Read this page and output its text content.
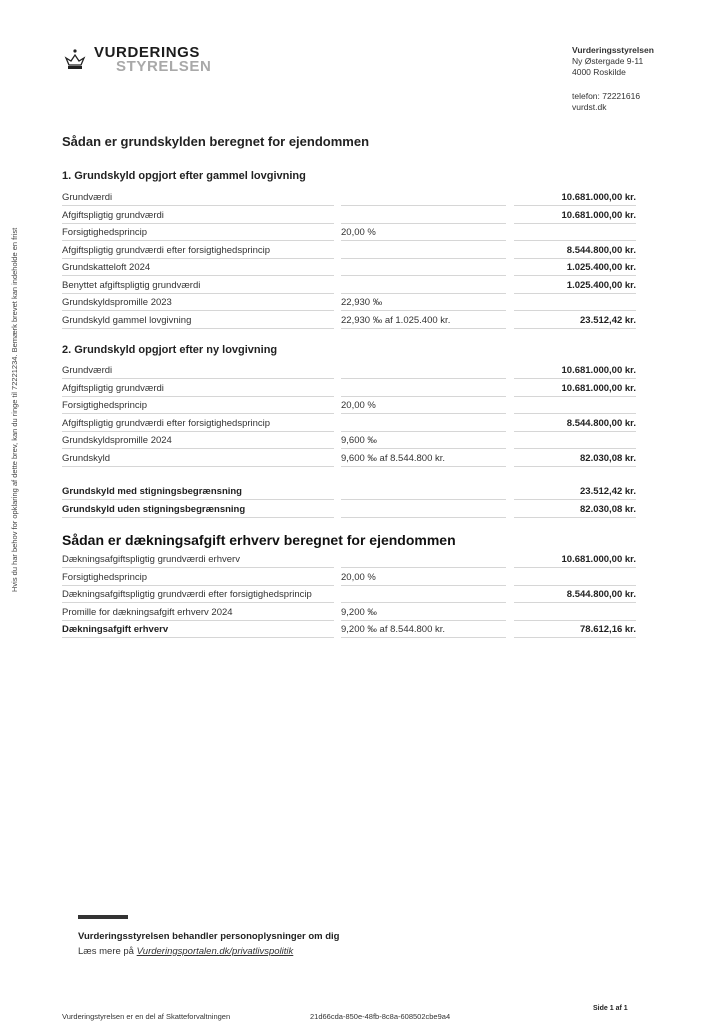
VURDERINGS
STYRELSEN
Vurderingsstyrelsen
Ny Østergade 9-11
4000 Roskilde
telefon: 72221616
vurdst.dk
Hvis du har behov for opklaring af dette brev, kan du ringe til 72221234. Bemærk brevet kan indeholde en frist
Sådan er grundskylden beregnet for ejendommen
1. Grundskyld opgjort efter gammel lovgivning
Grundværdi	10.681.000,00 kr.
Afgiftspligtig grundværdi	10.681.000,00 kr.
Forsigtighedsprincip	20,00 %
Afgiftspligtig grundværdi efter forsigtighedsprincip	8.544.800,00 kr.
Grundskatteloft 2024	1.025.400,00 kr.
Benyttet afgiftspligtig grundværdi	1.025.400,00 kr.
Grundskyldspromille 2023	22,930 ‰
Grundskyld gammel lovgivning	22,930 ‰ af 1.025.400 kr.	23.512,42 kr.
2. Grundskyld opgjort efter ny lovgivning
Grundværdi	10.681.000,00 kr.
Afgiftspligtig grundværdi	10.681.000,00 kr.
Forsigtighedsprincip	20,00 %
Afgiftspligtig grundværdi efter forsigtighedsprincip	8.544.800,00 kr.
Grundskyldspromille 2024	9,600 ‰
Grundskyld	9,600 ‰ af 8.544.800 kr.	82.030,08 kr.
Grundskyld med stigningsbegrænsning	23.512,42 kr.
Grundskyld uden stigningsbegrænsning	82.030,08 kr.
Sådan er dækningsafgift erhverv beregnet for ejendommen
Dækningsafgiftspligtig grundværdi erhverv	10.681.000,00 kr.
Forsigtighedsprincip	20,00 %
Dækningsafgiftspligtig grundværdi efter forsigtighedsprincip	8.544.800,00 kr.
Promille for dækningsafgift erhverv 2024	9,200 ‰
Dækningsafgift erhverv	9,200 ‰ af 8.544.800 kr.	78.612,16 kr.
Vurderingsstyrelsen behandler personoplysninger om dig
Læs mere på Vurderingsportalen.dk/privatlivspolitik
Vurderingstyrelsen er en del af Skatteforvaltningen	21d66cda-850e-48fb-8c8a-608502cbe9a4
Side 1 af 1
